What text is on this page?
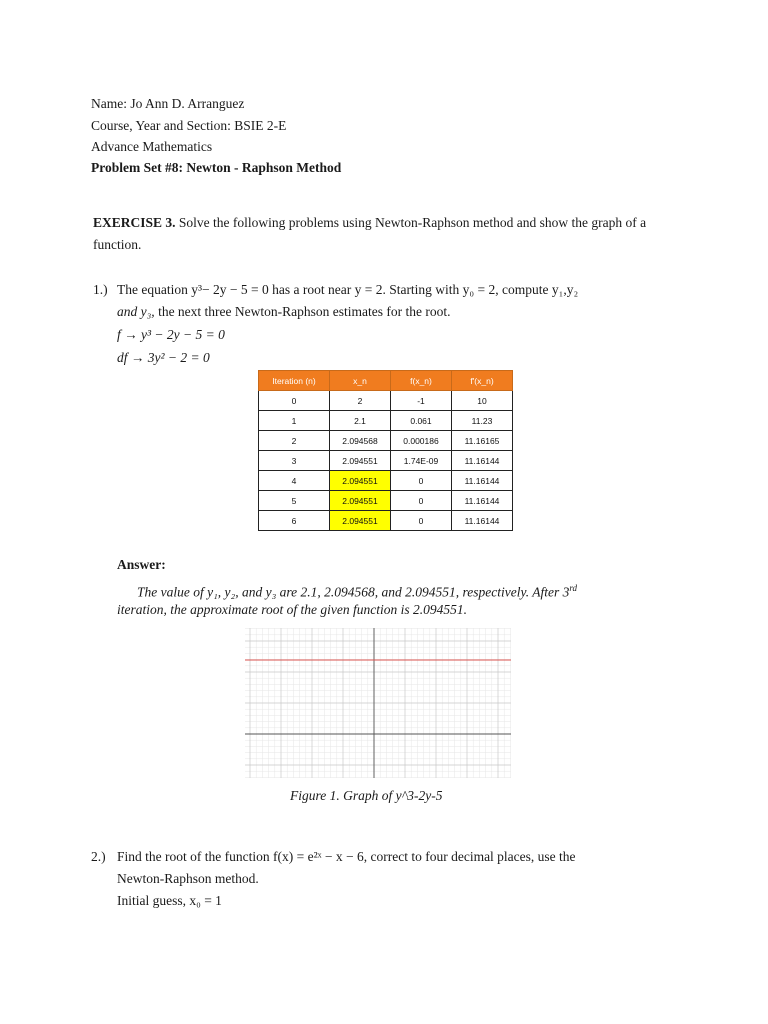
Name: Jo Ann D. Arranguez
Course, Year and Section: BSIE 2-E
Advance Mathematics
Problem Set #8: Newton - Raphson Method
EXERCISE 3. Solve the following problems using Newton-Raphson method and show the graph of a function.
1.) The equation y³− 2y − 5 = 0 has a root near y = 2. Starting with y₀ = 2, compute y₁,y₂
and y₃, the next three Newton-Raphson estimates for the root.
f → y³ − 2y − 5 = 0
df → 3y² − 2 = 0
Iteration (n)	x_n	f(x_n)	f'(x_n)
0	2	-1	10
1	2.1	0.061	11.23
2	2.094568	0.000186	11.16165
3	2.094551	1.74E-09	11.16144
4	2.094551	0	11.16144
5	2.094551	0	11.16144
6	2.094551	0	11.16144
Answer:
The value of y₁, y₂, and y₃ are 2.1, 2.094568, and 2.094551, respectively. After 3rd
iteration, the approximate root of the given function is 2.094551.
Figure 1. Graph of y^3-2y-5
2.) Find the root of the function f(x) = e²ˣ − x − 6, correct to four decimal places, use the
Newton-Raphson method.
Initial guess, x₀ = 1
